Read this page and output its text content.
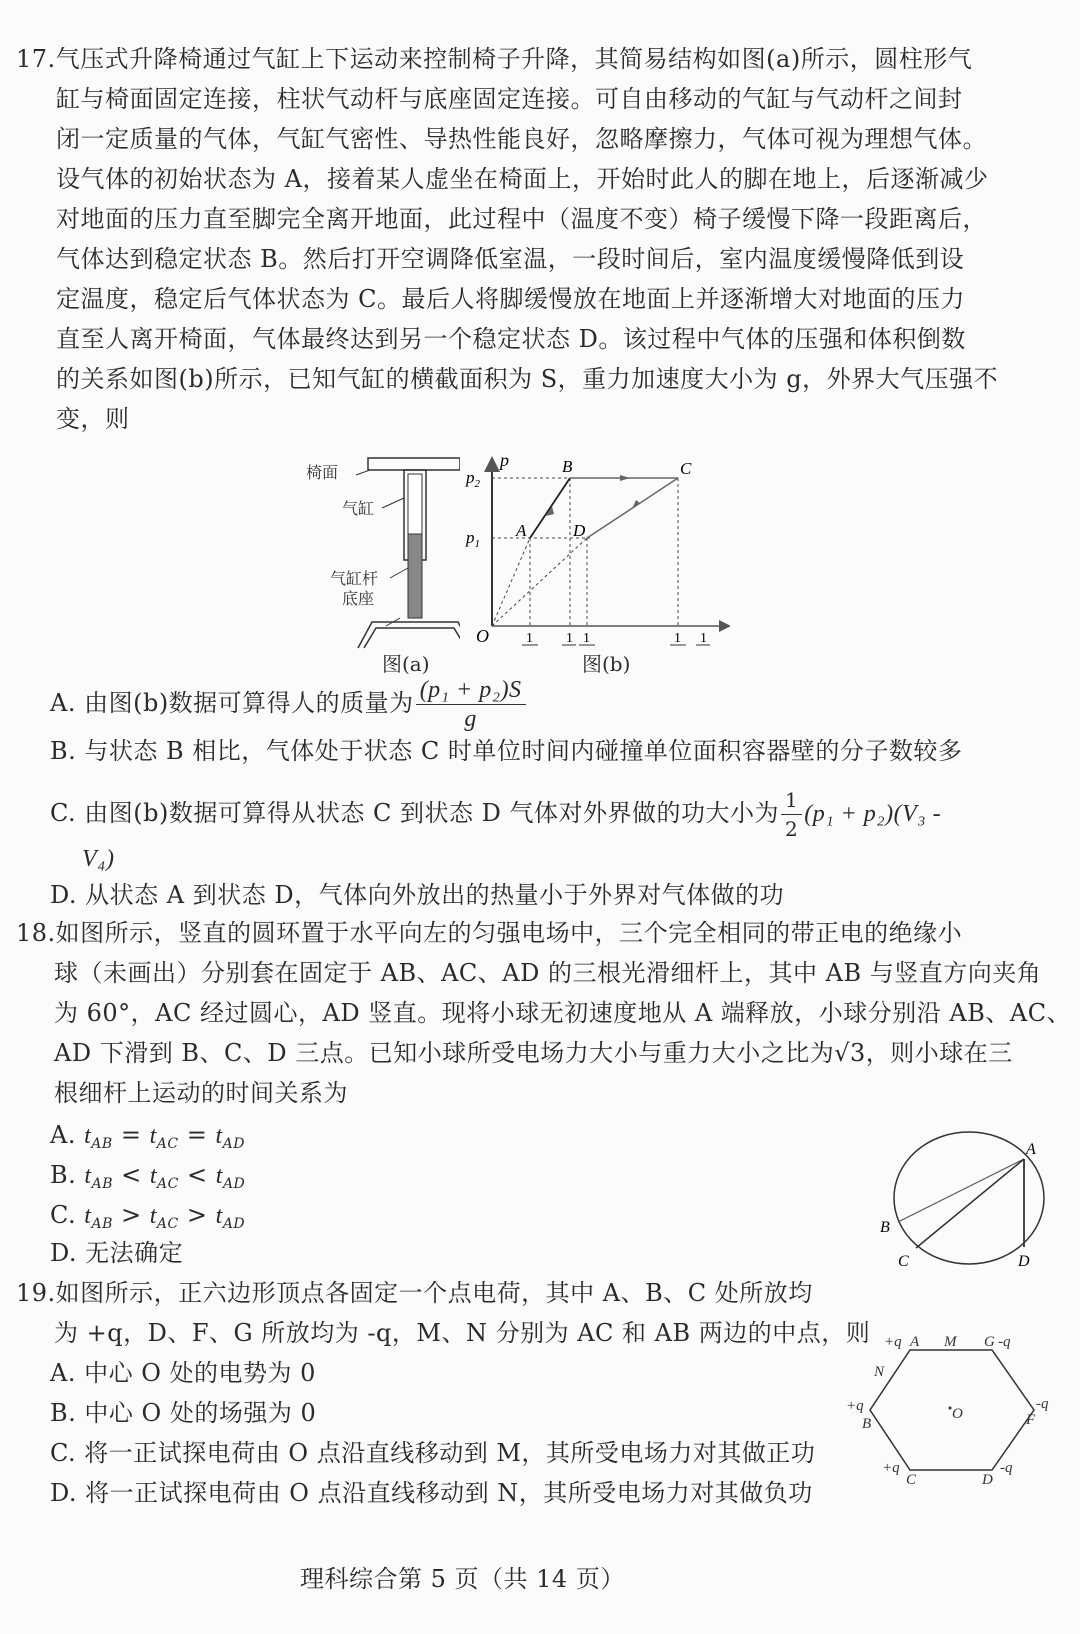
17.气压式升降椅通过气缸上下运动来控制椅子升降，其简易结构如图(a)所示，圆柱形气
缸与椅面固定连接，柱状气动杆与底座固定连接。可自由移动的气缸与气动杆之间封
闭一定质量的气体，气缸气密性、导热性能良好，忽略摩擦力，气体可视为理想气体。
设气体的初始状态为 A，接着某人虚坐在椅面上，开始时此人的脚在地上，后逐渐减少
对地面的压力直至脚完全离开地面，此过程中（温度不变）椅子缓慢下降一段距离后，
气体达到稳定状态 B。然后打开空调降低室温，一段时间后，室内温度缓慢降低到设
定温度，稳定后气体状态为 C。最后人将脚缓慢放在地面上并逐渐增大对地面的压力
直至人离开椅面，气体最终达到另一个稳定状态 D。该过程中气体的压强和体积倒数
的关系如图(b)所示，已知气缸的横截面积为 S，重力加速度大小为 g，外界大气压强不
变，则
椅面
气缸
气缸杆
底座
图(a)
p
O
A
B	C
D
$p_2$
$p_1$
1 1 1	1 1
图(b)
A. 由图(b)数据可算得人的质量为 $\frac{\text{(p₁ + p₂)S}}{g}$
B. 与状态 B 相比，气体处于状态 C 时单位时间内碰撞单位面积容器壁的分子数较多
C. 由图(b)数据可算得从状态 C 到状态 D 气体对外界做的功大小为 $\frac{1}{2} (p_1 + p_2)(V_3$ -
V₄)
D. 从状态 A 到状态 D，气体向外放出的热量小于外界对气体做的功
18.如图所示，竖直的圆环置于水平向左的匀强电场中，三个完全相同的带正电的绝缘小
球（未画出）分别套在固定于 AB、AC、AD 的三根光滑细杆上，其中 AB 与竖直方向夹角
为 60°，AC 经过圆心，AD 竖直。现将小球无初速度地从 A 端释放，小球分别沿 AB、AC、
AD 下滑到 B、C、D 三点。已知小球所受电场力大小与重力大小之比为√3，则小球在三
根细杆上运动的时间关系为
A. $t_{AB} = t_{AC} = t_{AD}$
B. $t_{AB} < t_{AC} < t_{AD}$
C. $t_{AB} > t_{AC} > t_{AD}$
D. 无法确定
A
B
C	D
19.如图所示，正六边形顶点各固定一个点电荷，其中 A、B、C 处所放均
为 +q，D、F、G 所放均为 -q，M、N 分别为 AC 和 AB 两边的中点，则
A. 中心 O 处的电势为 0
B. 中心 O 处的场强为 0
C. 将一正试探电荷由 O 点沿直线移动到 M，其所受电场力对其做正功
D. 将一正试探电荷由 O 点沿直线移动到 N，其所受电场力对其做负功
+q A M G -q
N
+q
B
O
-q
F
+q
C	D
-q
理科综合第 5 页（共 14 页）
